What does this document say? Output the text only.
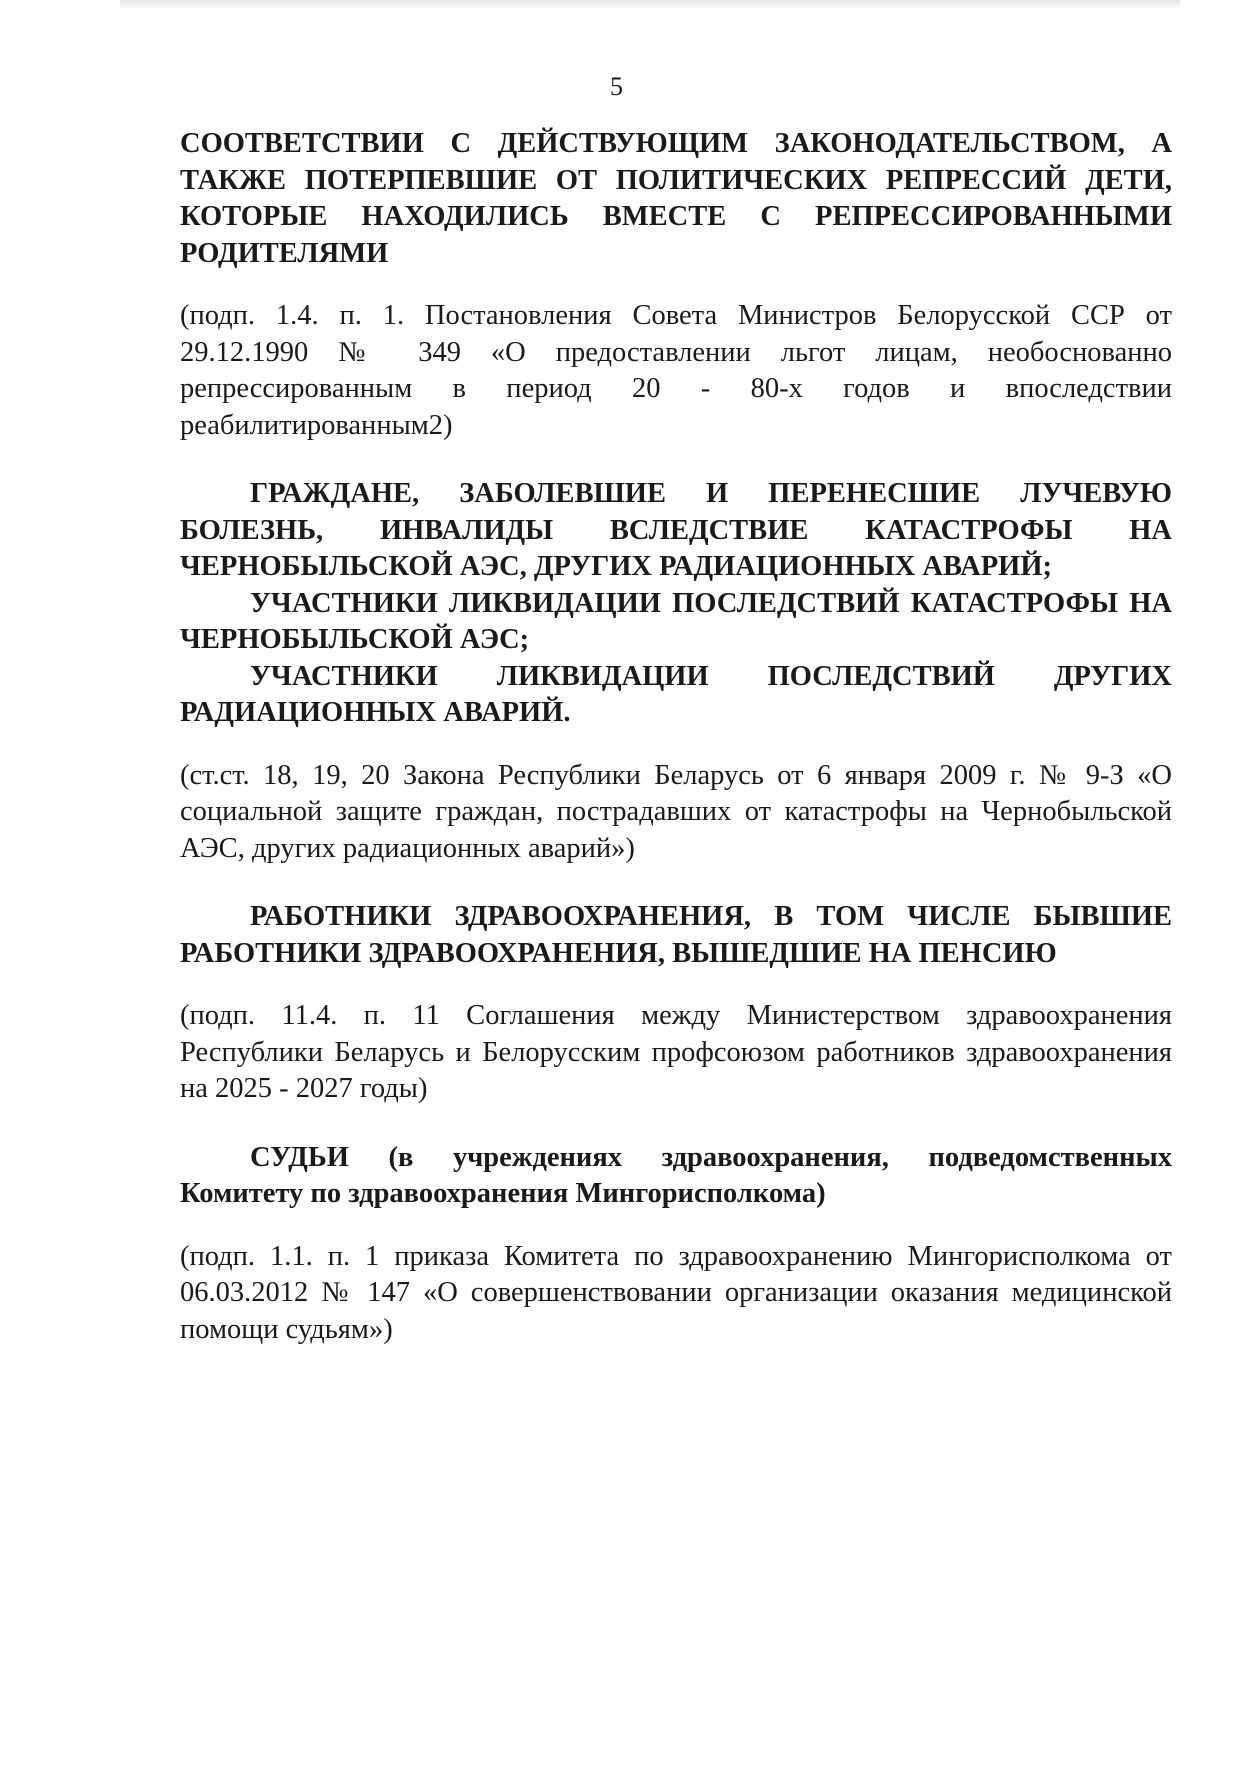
5
СООТВЕТСТВИИ С ДЕЙСТВУЮЩИМ ЗАКОНОДАТЕЛЬСТВОМ, А ТАКЖЕ ПОТЕРПЕВШИЕ ОТ ПОЛИТИЧЕСКИХ РЕПРЕССИЙ ДЕТИ, КОТОРЫЕ НАХОДИЛИСЬ ВМЕСТЕ С РЕПРЕССИРОВАННЫМИ РОДИТЕЛЯМИ
(подп. 1.4. п. 1. Постановления Совета Министров Белорусской ССР от 29.12.1990 № 349 «О предоставлении льгот лицам, необоснованно репрессированным в период 20 - 80-х годов и впоследствии реабилитированным2)

ГРАЖДАНЕ, ЗАБОЛЕВШИЕ И ПЕРЕНЕСШИЕ ЛУЧЕВУЮ БОЛЕЗНЬ, ИНВАЛИДЫ ВСЛЕДСТВИЕ КАТАСТРОФЫ НА ЧЕРНОБЫЛЬСКОЙ АЭС, ДРУГИХ РАДИАЦИОННЫХ АВАРИЙ;

УЧАСТНИКИ ЛИКВИДАЦИИ ПОСЛЕДСТВИЙ КАТАСТРОФЫ НА ЧЕРНОБЫЛЬСКОЙ АЭС;

УЧАСТНИКИ ЛИКВИДАЦИИ ПОСЛЕДСТВИЙ ДРУГИХ РАДИАЦИОННЫХ АВАРИЙ.

(ст.ст. 18, 19, 20 Закона Республики Беларусь от 6 января 2009 г. № 9-З «О социальной защите граждан, пострадавших от катастрофы на Чернобыльской АЭС, других радиационных аварий»)
РАБОТНИКИ ЗДРАВООХРАНЕНИЯ, В ТОМ ЧИСЛЕ БЫВШИЕ РАБОТНИКИ ЗДРАВООХРАНЕНИЯ, ВЫШЕДШИЕ НА ПЕНСИЮ
(подп. 11.4. п. 11 Соглашения между Министерством здравоохранения Республики Беларусь и Белорусским профсоюзом работников здравоохранения на 2025 - 2027 годы)
СУДЬИ (в учреждениях здравоохранения, подведомственных Комитету по здравоохранения Мингорисполкома)
(подп. 1.1. п. 1 приказа Комитета по здравоохранению Мингорисполкома от 06.03.2012 № 147 «О совершенствовании организации оказания медицинской помощи судьям»)
